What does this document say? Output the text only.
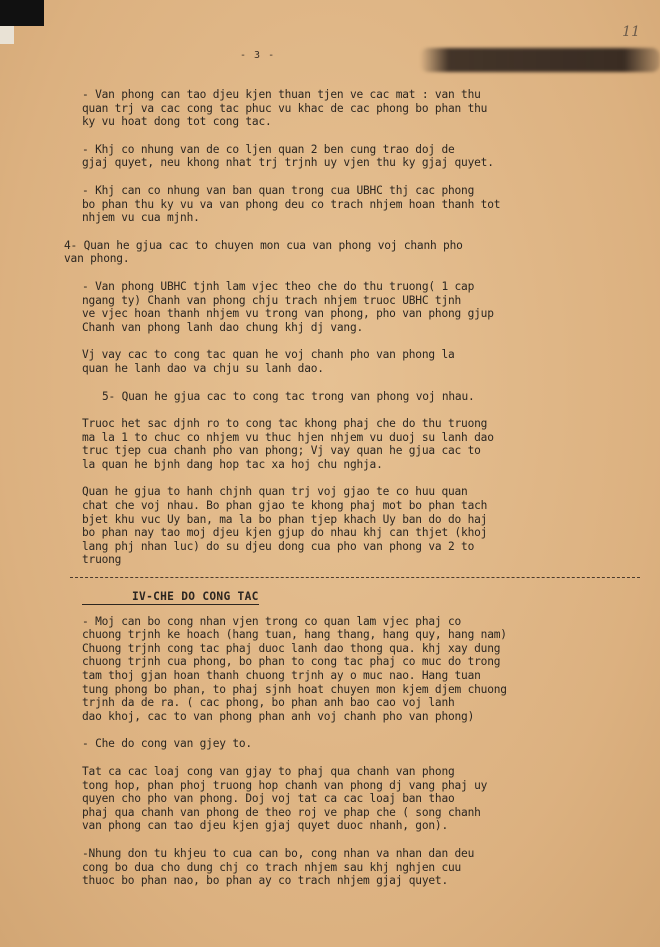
11
- 3 -

- Van phong can tao djeu kjen thuan tjen ve cac mat : van thu
quan trj va cac cong tac phuc vu khac de cac phong bo phan thu
ky vu hoat dong tot cong tac.

- Khj co nhung van de co ljen quan 2 ben cung trao doj de
gjaj quyet, neu khong nhat trj trjnh uy vjen thu ky gjaj quyet.

- Khj can co nhung van ban quan trong cua UBHC thj cac phong
bo phan thu ky vu va van phong deu co trach nhjem hoan thanh tot
nhjem vu cua mjnh.

4- Quan he gjua cac to chuyen mon cua van phong voj chanh pho
van phong.

- Van phong UBHC tjnh lam vjec theo che do thu truong( 1 cap
ngang ty) Chanh van phong chju trach nhjem truoc UBHC tjnh
ve vjec hoan thanh nhjem vu trong van phong, pho van phong gjup
Chanh van phong lanh dao chung khj dj vang.

Vj vay cac to cong tac quan he voj chanh pho van phong la
quan he lanh dao va chju su lanh dao.

5- Quan he gjua cac to cong tac trong van phong voj nhau.

Truoc het sac djnh ro to cong tac khong phaj che do thu truong
ma la 1 to chuc co nhjem vu thuc hjen nhjem vu duoj su lanh dao
truc tjep cua chanh pho van phong; Vj vay quan he gjua cac to
la quan he bjnh dang hop tac xa hoj chu nghja.

Quan he gjua to hanh chjnh quan trj voj gjao te co huu quan
chat che voj nhau. Bo phan gjao te khong phaj mot bo phan tach
bjet khu vuc Uy ban, ma la bo phan tjep khach Uy ban do do haj
bo phan nay tao moj djeu kjen gjup do nhau khj can thjet (khoj
lang phj nhan luc) do su djeu dong cua pho van phong va 2 to
truong

IV-CHE DO CONG TAC

- Moj can bo cong nhan vjen trong co quan lam vjec phaj co
chuong trjnh ke hoach (hang tuan, hang thang, hang quy, hang nam)
Chuong trjnh cong tac phaj duoc lanh dao thong qua. khj xay dung
chuong trjnh cua phong, bo phan to cong tac phaj co muc do trong
tam thoj gjan hoan thanh chuong trjnh ay o muc nao. Hang tuan
tung phong bo phan, to phaj sjnh hoat chuyen mon kjem djem chuong
trjnh da de ra. ( cac phong, bo phan anh bao cao voj lanh
dao khoj, cac to van phong phan anh voj chanh pho van phong)

- Che do cong van gjey to.

Tat ca cac loaj cong van gjay to phaj qua chanh van phong
tong hop, phan phoj truong hop chanh van phong dj vang phaj uy
quyen cho pho van phong. Doj voj tat ca cac loaj ban thao
phaj qua chanh van phong de theo roj ve phap che ( song chanh
van phong can tao djeu kjen gjaj quyet duoc nhanh, gon).

-Nhung don tu khjeu to cua can bo, cong nhan va nhan dan deu
cong bo dua cho dung chj co trach nhjem sau khj nghjen cuu
thuoc bo phan nao, bo phan ay co trach nhjem gjaj quyet.
